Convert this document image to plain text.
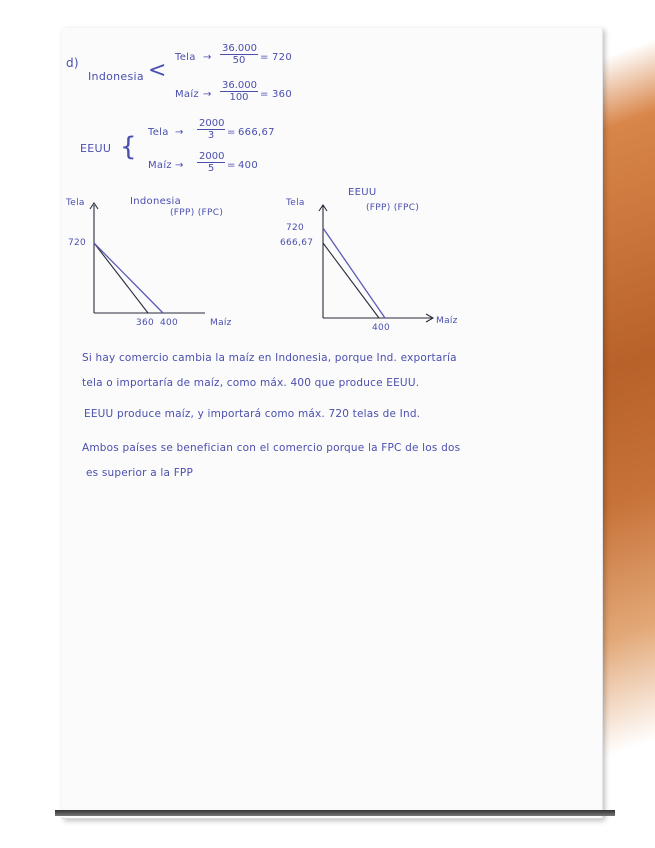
d)
Indonesia <
Tela → $\frac{36.000}{50} = 720$
Maíz → $\frac{36.000}{100} = 360$
EEUU { Tela → $\frac{2000}{3} = 666,67$
Maíz → $\frac{2000}{5} = 400$
Indonesia
(FPP) (FPC)
Tela
720
360 400	Maíz
EEUU
(FPP) (FPC)
Tela
720
666,67
400
Maíz
Si hay comercio cambia la maíz en Indonesia, porque Ind. exportaría
tela o importaría de maíz, como máx. 400 que produce EEUU.
EEUU produce maíz, y importará como máx. 720 telas de Ind.
Ambos países se benefician con el comercio porque la FPC de los dos
es superior a la FPP
